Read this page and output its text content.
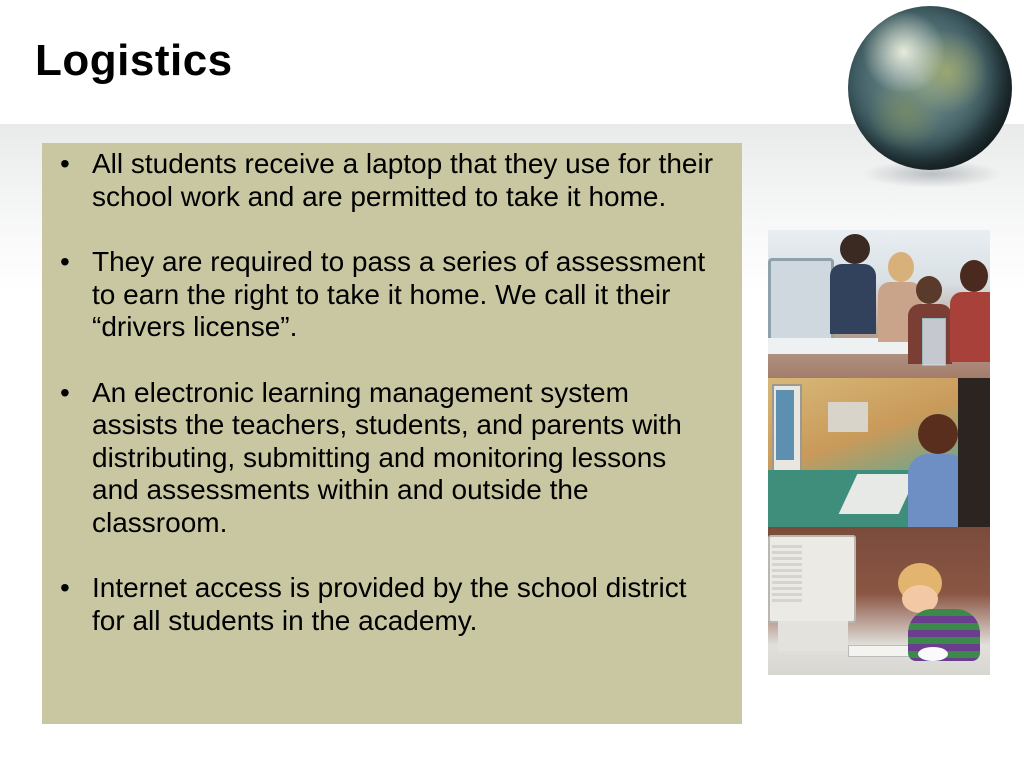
Logistics
• All students receive a laptop that they use for their school work and are permitted to take it home.
• They are required to pass a series of assessment to earn the right to take it home. We call it their “drivers license”.
• An electronic learning management system assists the teachers, students, and parents with distributing, submitting and monitoring lessons and assessments within and outside the classroom.
• Internet access is provided by the school district for all students in the academy.
